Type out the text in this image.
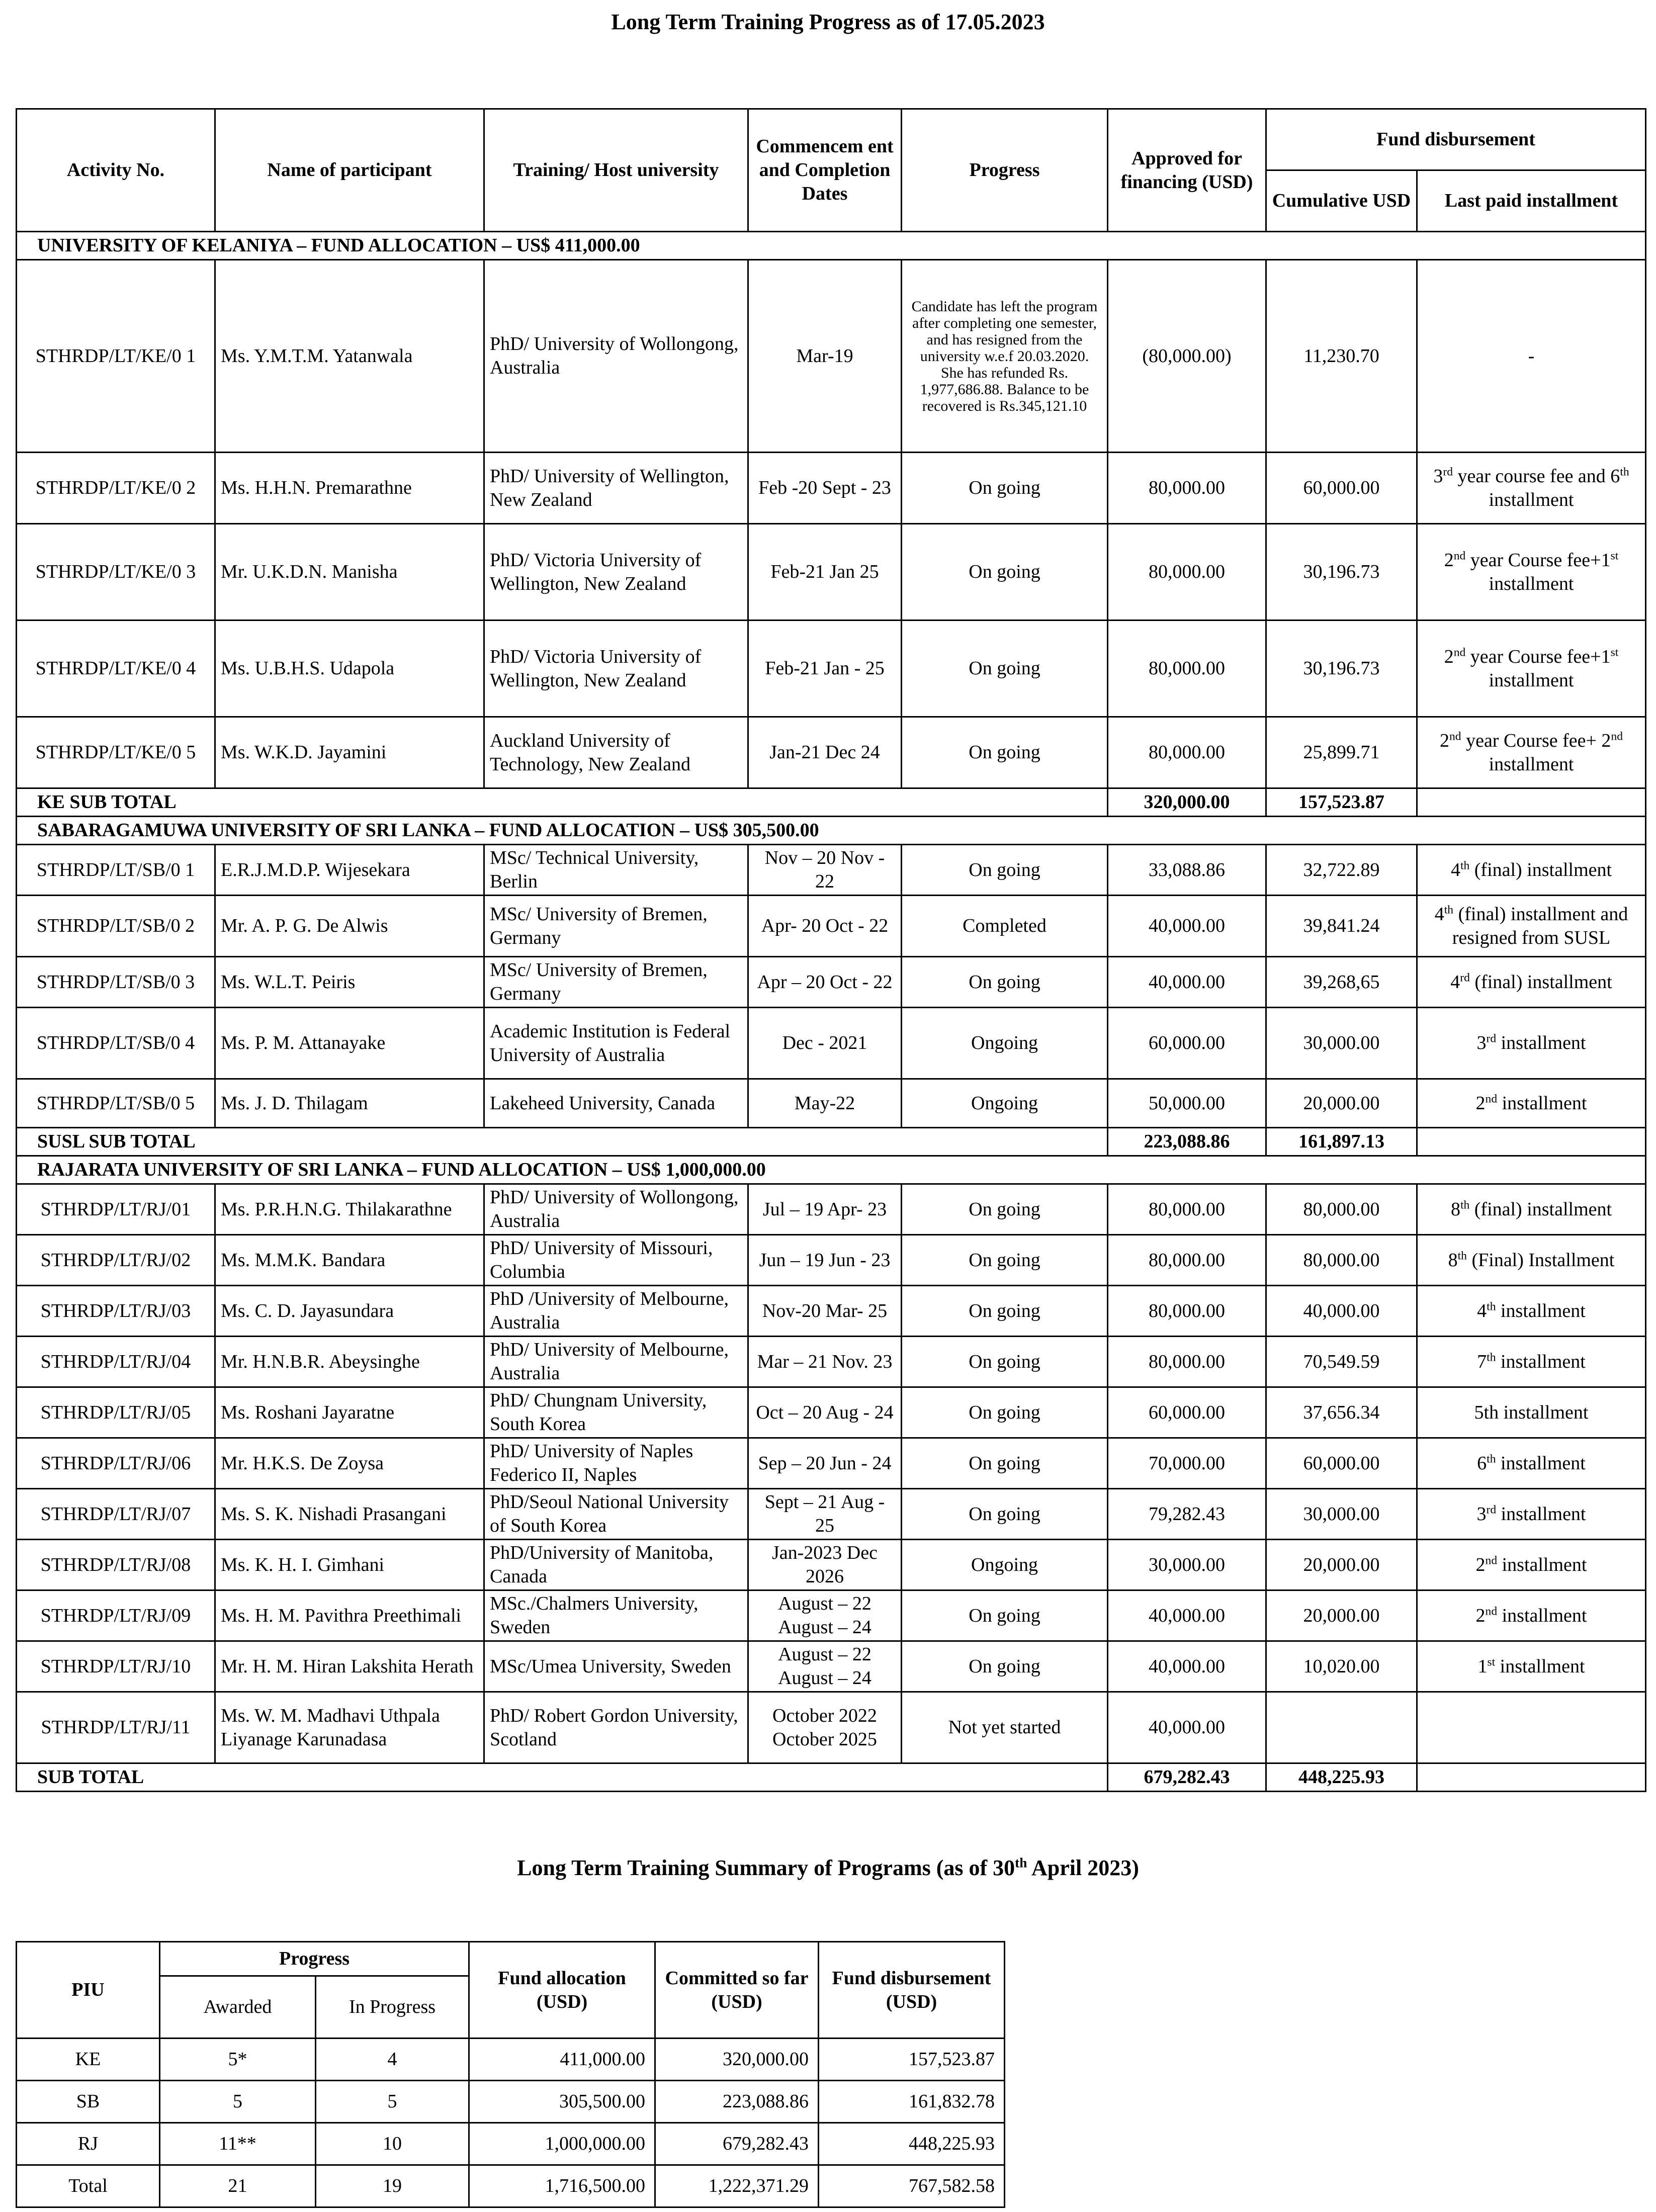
Long Term Training Progress as of 17.05.2023
Activity No.	Name of participant	Training/ Host university	Commencem ent and Completion Dates	Progress	Approved for financing (USD)	Fund disbursement	
						Cumulative USD	Last paid installment
UNIVERSITY OF KELANIYA – FUND ALLOCATION – US$ 411,000.00							
STHRDP/LT/KE/0 1	Ms. Y.M.T.M. Yatanwala	PhD/ University of Wollongong, Australia	Mar-19	Candidate has left the program after completing one semester, and has resigned from the university w.e.f 20.03.2020. She has refunded Rs. 1,977,686.88. Balance to be recovered is Rs.345,121.10	(80,000.00)	11,230.70	-
STHRDP/LT/KE/0 2	Ms. H.H.N. Premarathne	PhD/ University of Wellington, New Zealand	Feb -20 Sept - 23	On going	80,000.00	60,000.00	3rd year course fee and 6th installment
STHRDP/LT/KE/0 3	Mr. U.K.D.N. Manisha	PhD/ Victoria University of Wellington, New Zealand	Feb-21 Jan 25	On going	80,000.00	30,196.73	2nd year Course fee+1st installment
STHRDP/LT/KE/0 4	Ms. U.B.H.S. Udapola	PhD/ Victoria University of Wellington, New Zealand	Feb-21 Jan - 25	On going	80,000.00	30,196.73	2nd year Course fee+1st installment
STHRDP/LT/KE/0 5	Ms. W.K.D. Jayamini	Auckland University of Technology, New Zealand	Jan-21 Dec 24	On going	80,000.00	25,899.71	2nd year Course fee+ 2nd installment
KE SUB TOTAL					320,000.00	157,523.87	
SABARAGAMUWA UNIVERSITY OF SRI LANKA – FUND ALLOCATION – US$ 305,500.00							
STHRDP/LT/SB/0 1	E.R.J.M.D.P. Wijesekara	MSc/ Technical University, Berlin	Nov – 20 Nov - 22	On going	33,088.86	32,722.89	4th (final) installment
STHRDP/LT/SB/0 2	Mr. A. P. G. De Alwis	MSc/ University of Bremen, Germany	Apr- 20 Oct - 22	Completed	40,000.00	39,841.24	4th (final) installment and resigned from SUSL
STHRDP/LT/SB/0 3	Ms. W.L.T. Peiris	MSc/ University of Bremen, Germany	Apr – 20 Oct - 22	On going	40,000.00	39,268,65	4rd (final) installment
STHRDP/LT/SB/0 4	Ms. P. M. Attanayake	Academic Institution is Federal University of Australia	Dec - 2021	Ongoing	60,000.00	30,000.00	3rd installment
STHRDP/LT/SB/0 5	Ms. J. D. Thilagam	Lakeheed University, Canada	May-22	Ongoing	50,000.00	20,000.00	2nd installment
SUSL SUB TOTAL					223,088.86	161,897.13	
RAJARATA UNIVERSITY OF SRI LANKA – FUND ALLOCATION – US$ 1,000,000.00							
STHRDP/LT/RJ/01	Ms. P.R.H.N.G. Thilakarathne	PhD/ University of Wollongong, Australia	Jul – 19 Apr- 23	On going	80,000.00	80,000.00	8th (final) installment
STHRDP/LT/RJ/02	Ms. M.M.K. Bandara	PhD/ University of Missouri, Columbia	Jun – 19 Jun - 23	On going	80,000.00	80,000.00	8th (Final) Installment
STHRDP/LT/RJ/03	Ms. C. D. Jayasundara	PhD /University of Melbourne, Australia	Nov-20 Mar- 25	On going	80,000.00	40,000.00	4th installment
STHRDP/LT/RJ/04	Mr. H.N.B.R. Abeysinghe	PhD/ University of Melbourne, Australia	Mar – 21 Nov. 23	On going	80,000.00	70,549.59	7th installment
STHRDP/LT/RJ/05	Ms. Roshani Jayaratne	PhD/ Chungnam University, South Korea	Oct – 20 Aug - 24	On going	60,000.00	37,656.34	5th installment
STHRDP/LT/RJ/06	Mr. H.K.S. De Zoysa	PhD/ University of Naples Federico II, Naples	Sep – 20 Jun - 24	On going	70,000.00	60,000.00	6th installment
STHRDP/LT/RJ/07	Ms. S. K. Nishadi Prasangani	PhD/Seoul National University of South Korea	Sept – 21 Aug - 25	On going	79,282.43	30,000.00	3rd installment
STHRDP/LT/RJ/08	Ms. K. H. I. Gimhani	PhD/University of Manitoba, Canada	Jan-2023 Dec 2026	Ongoing	30,000.00	20,000.00	2nd installment
STHRDP/LT/RJ/09	Ms. H. M. Pavithra Preethimali	MSc./Chalmers University, Sweden	August – 22 August – 24	On going	40,000.00	20,000.00	2nd installment
STHRDP/LT/RJ/10	Mr. H. M. Hiran Lakshita Herath	MSc/Umea University, Sweden	August – 22 August – 24	On going	40,000.00	10,020.00	1st installment
STHRDP/LT/RJ/11	Ms. W. M. Madhavi Uthpala Liyanage Karunadasa	PhD/ Robert Gordon University, Scotland	October 2022 October 2025	Not yet started	40,000.00		
SUB TOTAL					679,282.43	448,225.93	
Long Term Training Summary of Programs (as of 30th April 2023)
PIU	Progress		Fund allocation (USD)	Committed so far (USD)	Fund disbursement (USD)
	Awarded	In Progress			
KE	5*	4	411,000.00	320,000.00	157,523.87
SB	5	5	305,500.00	223,088.86	161,832.78
RJ	11**	10	1,000,000.00	679,282.43	448,225.93
Total	21	19	1,716,500.00	1,222,371.29	767,582.58
